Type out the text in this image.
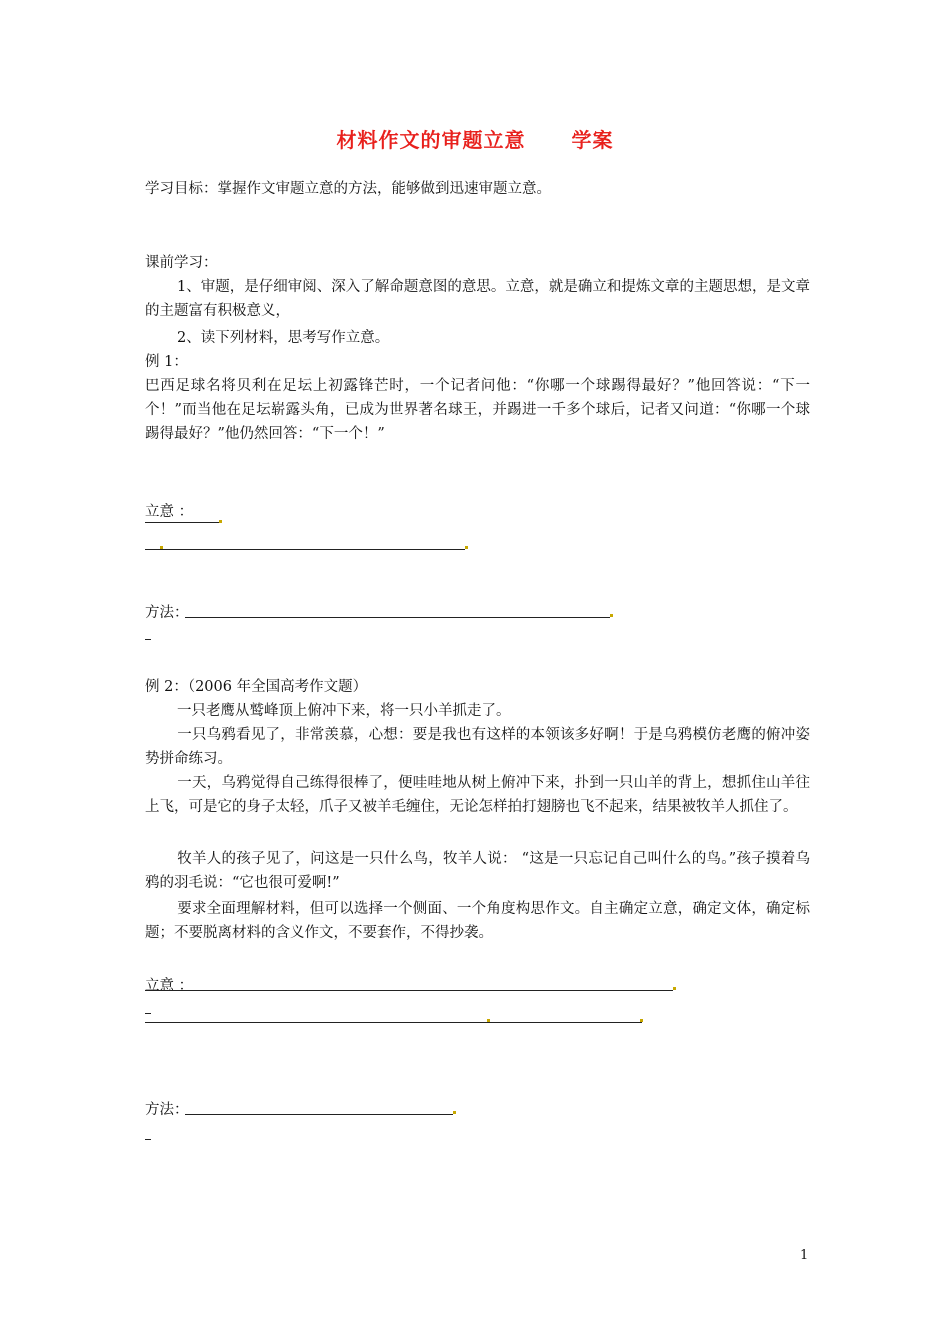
材料作文的审题立意 学案
学习目标：掌握作文审题立意的方法，能够做到迅速审题立意。
课前学习：
1、审题，是仔细审阅、深入了解命题意图的意思。立意，就是确立和提炼文章的主题思想，是文章的主题富有积极意义，
2、读下列材料，思考写作立意。
例 1：
巴西足球名将贝利在足坛上初露锋芒时，一个记者问他：“你哪一个球踢得最好？”他回答说：“下一个！”而当他在足坛崭露头角，已成为世界著名球王，并踢进一千多个球后，记者又问道：“你哪一个球踢得最好？”他仍然回答：“下一个！”
立意 ：
方法：
例 2：（2006 年全国高考作文题）
一只老鹰从鹫峰顶上俯冲下来，将一只小羊抓走了。
一只乌鸦看见了，非常羡慕，心想：要是我也有这样的本领该多好啊！于是乌鸦模仿老鹰的俯冲姿势拼命练习。
一天，乌鸦觉得自己练得很棒了，便哇哇地从树上俯冲下来，扑到一只山羊的背上，想抓住山羊往上飞，可是它的身子太轻，爪子又被羊毛缠住，无论怎样拍打翅膀也飞不起来，结果被牧羊人抓住了。
牧羊人的孩子见了，问这是一只什么鸟，牧羊人说： “这是一只忘记自己叫什么的鸟。”孩子摸着乌鸦的羽毛说：“它也很可爱啊!”
要求全面理解材料，但可以选择一个侧面、一个角度构思作文。自主确定立意，确定文体，确定标题；不要脱离材料的含义作文，不要套作，不得抄袭。
立意 ：
方法：
1
